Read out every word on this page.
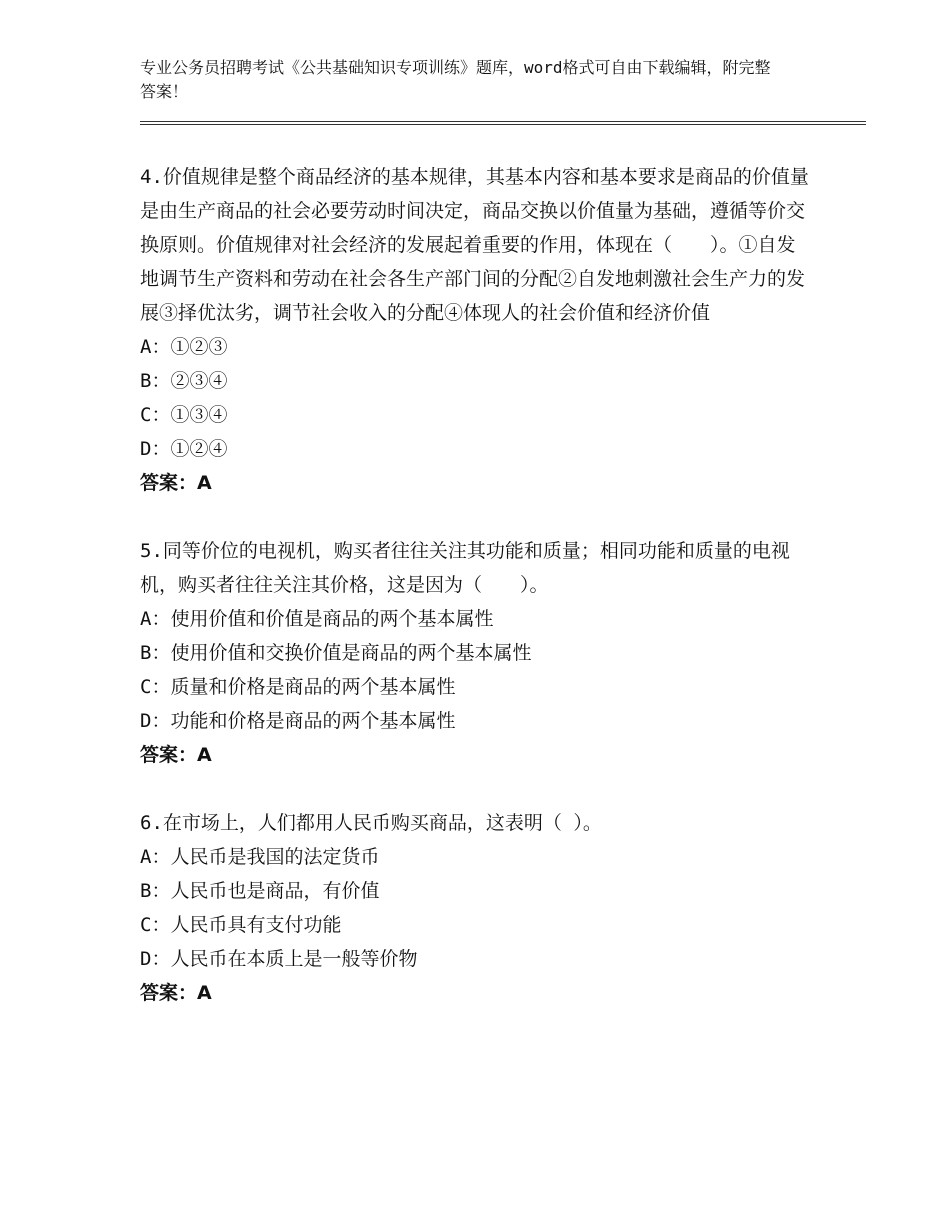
专业公务员招聘考试《公共基础知识专项训练》题库，word格式可自由下载编辑，附完整答案！

4.价值规律是整个商品经济的基本规律，其基本内容和基本要求是商品的价值量是由生产商品的社会必要劳动时间决定，商品交换以价值量为基础，遵循等价交换原则。价值规律对社会经济的发展起着重要的作用，体现在（　　）。①自发地调节生产资料和劳动在社会各生产部门间的分配②自发地刺激社会生产力的发展③择优汰劣，调节社会收入的分配④体现人的社会价值和经济价值

A：①②③

B：②③④

C：①③④

D：①②④

答案：A

5.同等价位的电视机，购买者往往关注其功能和质量；相同功能和质量的电视机，购买者往往关注其价格，这是因为（　　）。

A：使用价值和价值是商品的两个基本属性

B：使用价值和交换价值是商品的两个基本属性

C：质量和价格是商品的两个基本属性

D：功能和价格是商品的两个基本属性

答案：A

6.在市场上，人们都用人民币购买商品，这表明（ ）。

A：人民币是我国的法定货币

B：人民币也是商品，有价值

C：人民币具有支付功能

D：人民币在本质上是一般等价物

答案：A
